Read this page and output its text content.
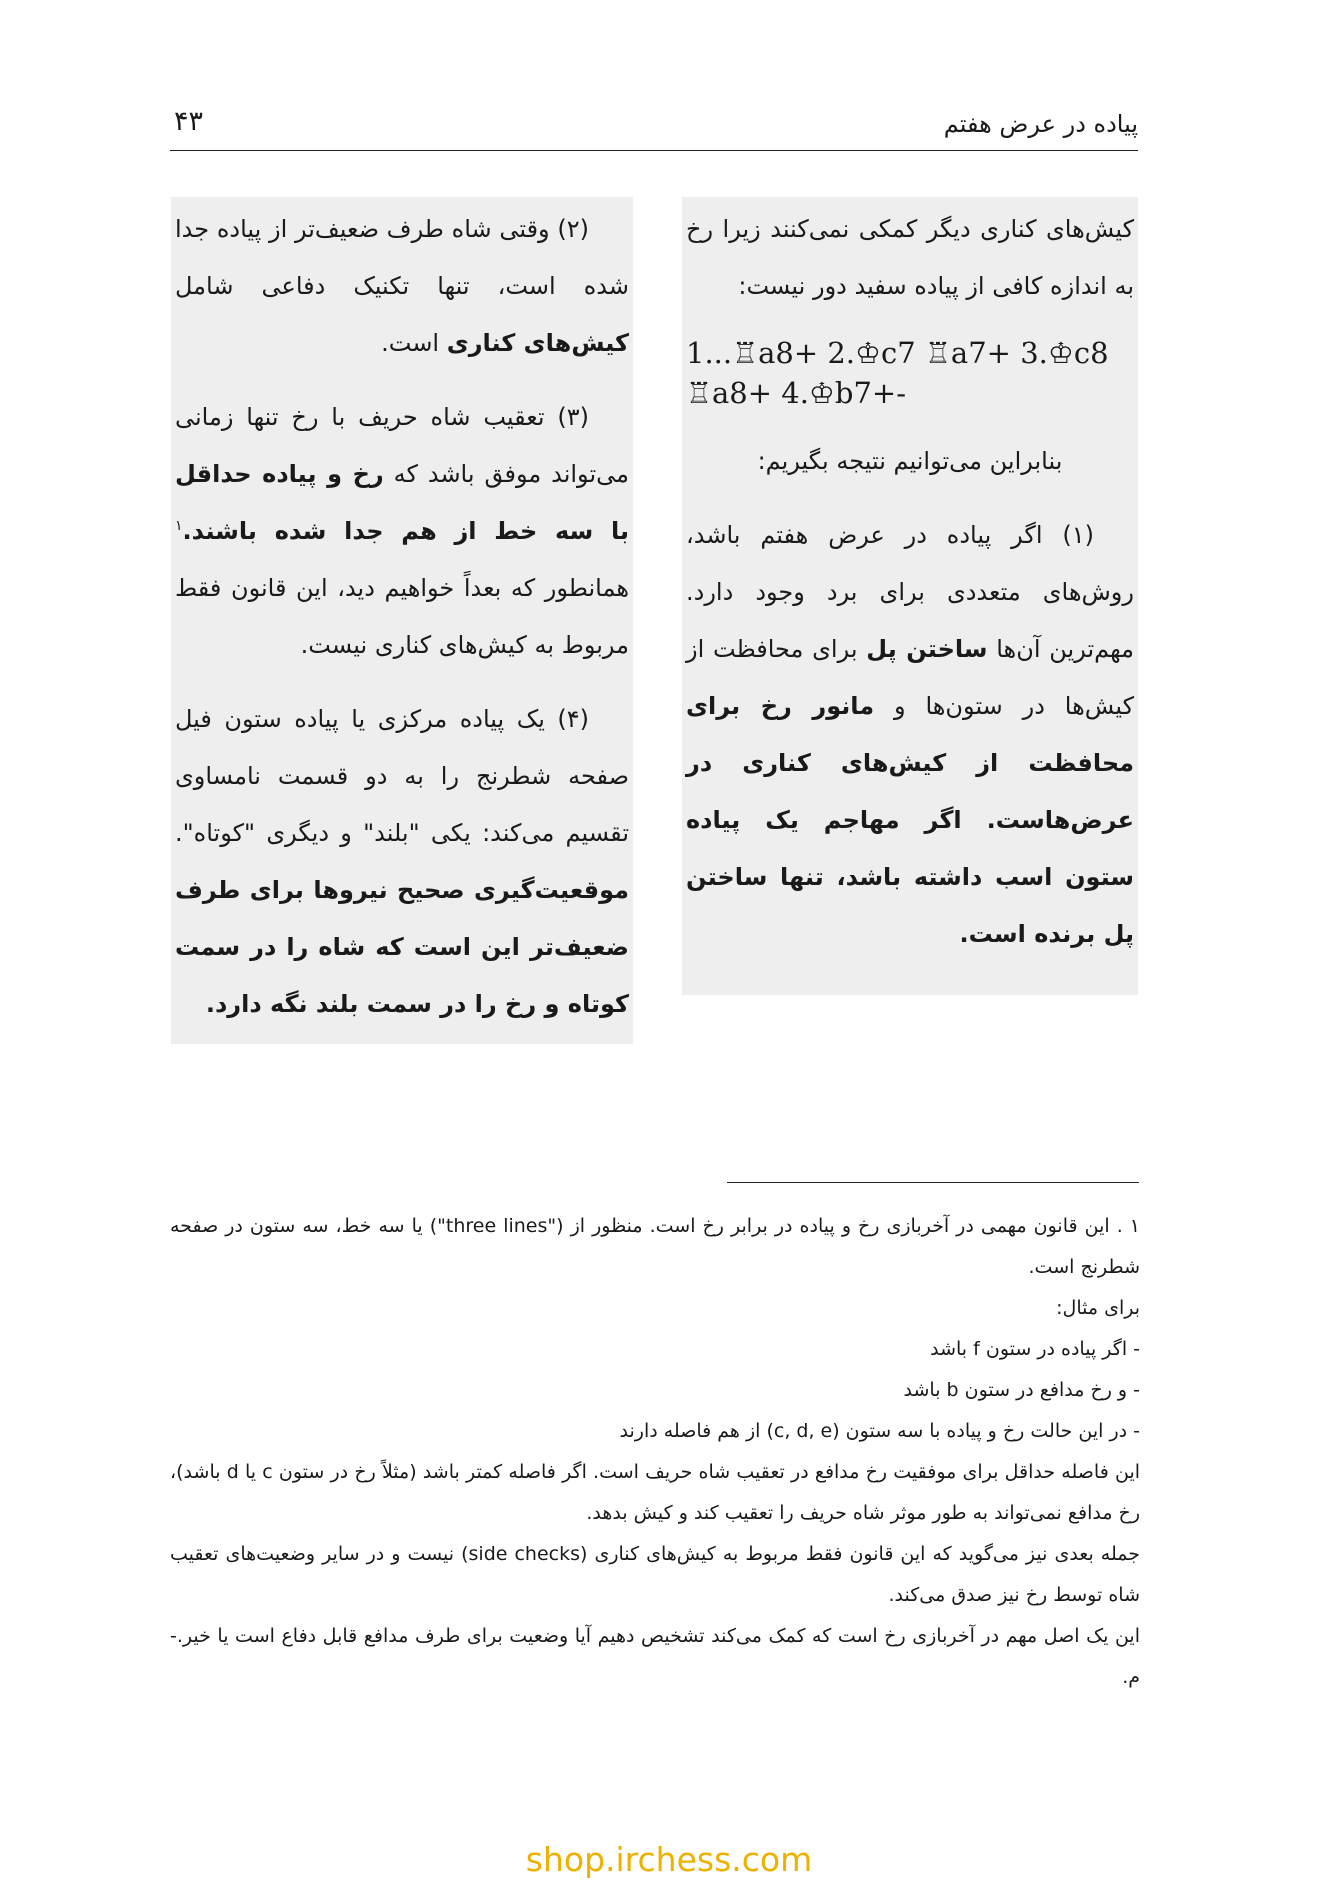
پیاده در عرض هفتم
۴۳

کیش‌های کناری دیگر کمکی نمی‌کنند زیرا رخ به اندازه کافی از پیاده سفید دور نیست:

1...♖a8+ 2.♔c7 ♖a7+ 3.♔c8
♖a8+ 4.♔b7+-

بنابراین می‌توانیم نتیجه بگیریم:

(۱) اگر پیاده در عرض هفتم باشد، روش‌های متعددی برای برد وجود دارد. مهم‌ترین آن‌ها ساختن پل برای محافظت از کیش‌ها در ستون‌ها و مانور رخ برای محافظت از کیش‌های کناری در عرض‌هاست. اگر مهاجم یک پیاده ستون اسب داشته باشد، تنها ساختن پل برنده است.

(۲) وقتی شاه طرف ضعیف‌تر از پیاده جدا شده است، تنها تکنیک دفاعی شامل کیش‌های کناری است.

(۳) تعقیب شاه حریف با رخ تنها زمانی می‌تواند موفق باشد که رخ و پیاده حداقل با سه خط از هم جدا شده باشند.$^۱$ همانطور که بعداً خواهیم دید، این قانون فقط مربوط به کیش‌های کناری نیست.

(۴) یک پیاده مرکزی یا پیاده ستون فیل صفحه شطرنج را به دو قسمت نامساوی تقسیم می‌کند: یکی "بلند" و دیگری "کوتاه". موقعیت‌گیری صحیح نیروها برای طرف ضعیف‌تر این است که شاه را در سمت کوتاه و رخ را در سمت بلند نگه دارد.

۱ . این قانون مهمی در آخربازی رخ و پیاده در برابر رخ است. منظور از ("three lines") یا سه خط، سه ستون در صفحه شطرنج است.

برای مثال:

- اگر پیاده در ستون f باشد

- و رخ مدافع در ستون b باشد

- در این حالت رخ و پیاده با سه ستون (c, d, e) از هم فاصله دارند

این فاصله حداقل برای موفقیت رخ مدافع در تعقیب شاه حریف است. اگر فاصله کمتر باشد (مثلاً رخ در ستون c یا d باشد)، رخ مدافع نمی‌تواند به طور موثر شاه حریف را تعقیب کند و کیش بدهد.

جمله بعدی نیز می‌گوید که این قانون فقط مربوط به کیش‌های کناری (side checks) نیست و در سایر وضعیت‌های تعقیب شاه توسط رخ نیز صدق می‌کند.

این یک اصل مهم در آخربازی رخ است که کمک می‌کند تشخیص دهیم آیا وضعیت برای طرف مدافع قابل دفاع است یا خیر.- م.

shop.irchess.com
